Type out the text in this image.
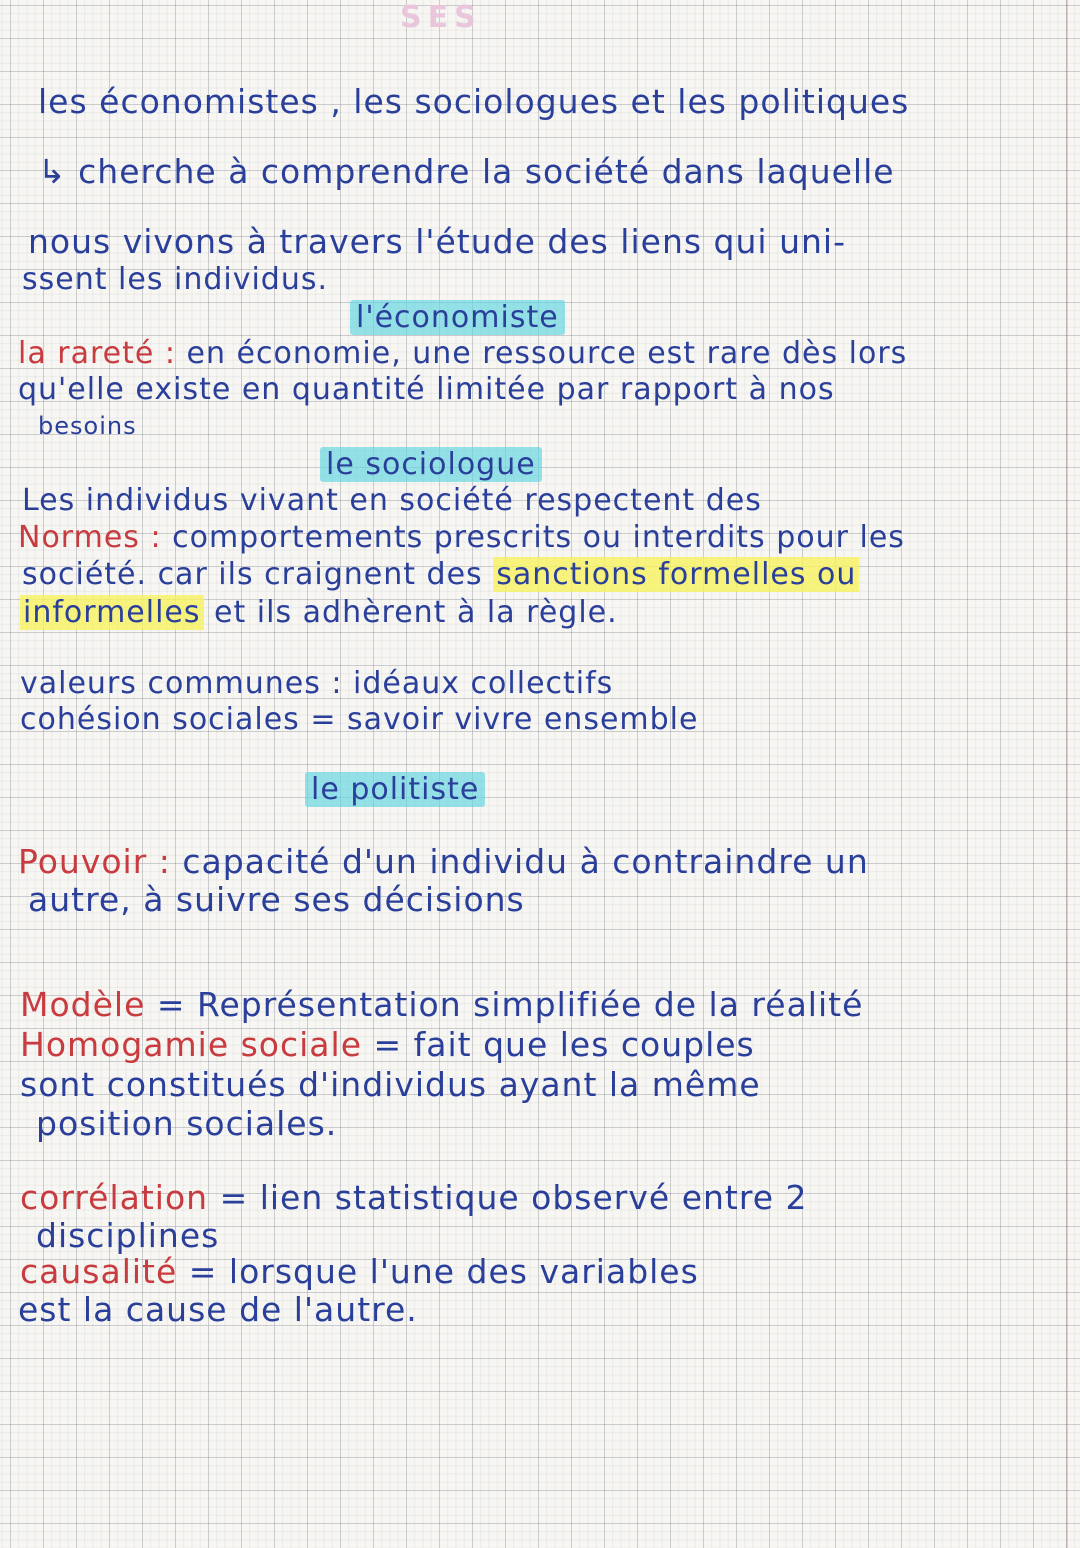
SES
les économistes , les sociologues et les politiques
↳ cherche à comprendre la société dans laquelle
nous vivons à travers l'étude des liens qui uni-
ssent les individus.
l'économiste
la rareté : en économie, une ressource est rare dès lors
qu'elle existe en quantité limitée par rapport à nos
besoins
le sociologue
Les individus vivant en société respectent des
Normes : comportements prescrits ou interdits pour les
société. car ils craignent des sanctions formelles ou
informelles et ils adhèrent à la règle.
valeurs communes : idéaux collectifs
cohésion sociales = savoir vivre ensemble
le politiste
Pouvoir : capacité d'un individu à contraindre un
autre, à suivre ses décisions
Modèle = Représentation simplifiée de la réalité
Homogamie sociale = fait que les couples
sont constitués d'individus ayant la même
position sociales.
corrélation = lien statistique observé entre 2
disciplines
causalité = lorsque l'une des variables
est la cause de l'autre.
